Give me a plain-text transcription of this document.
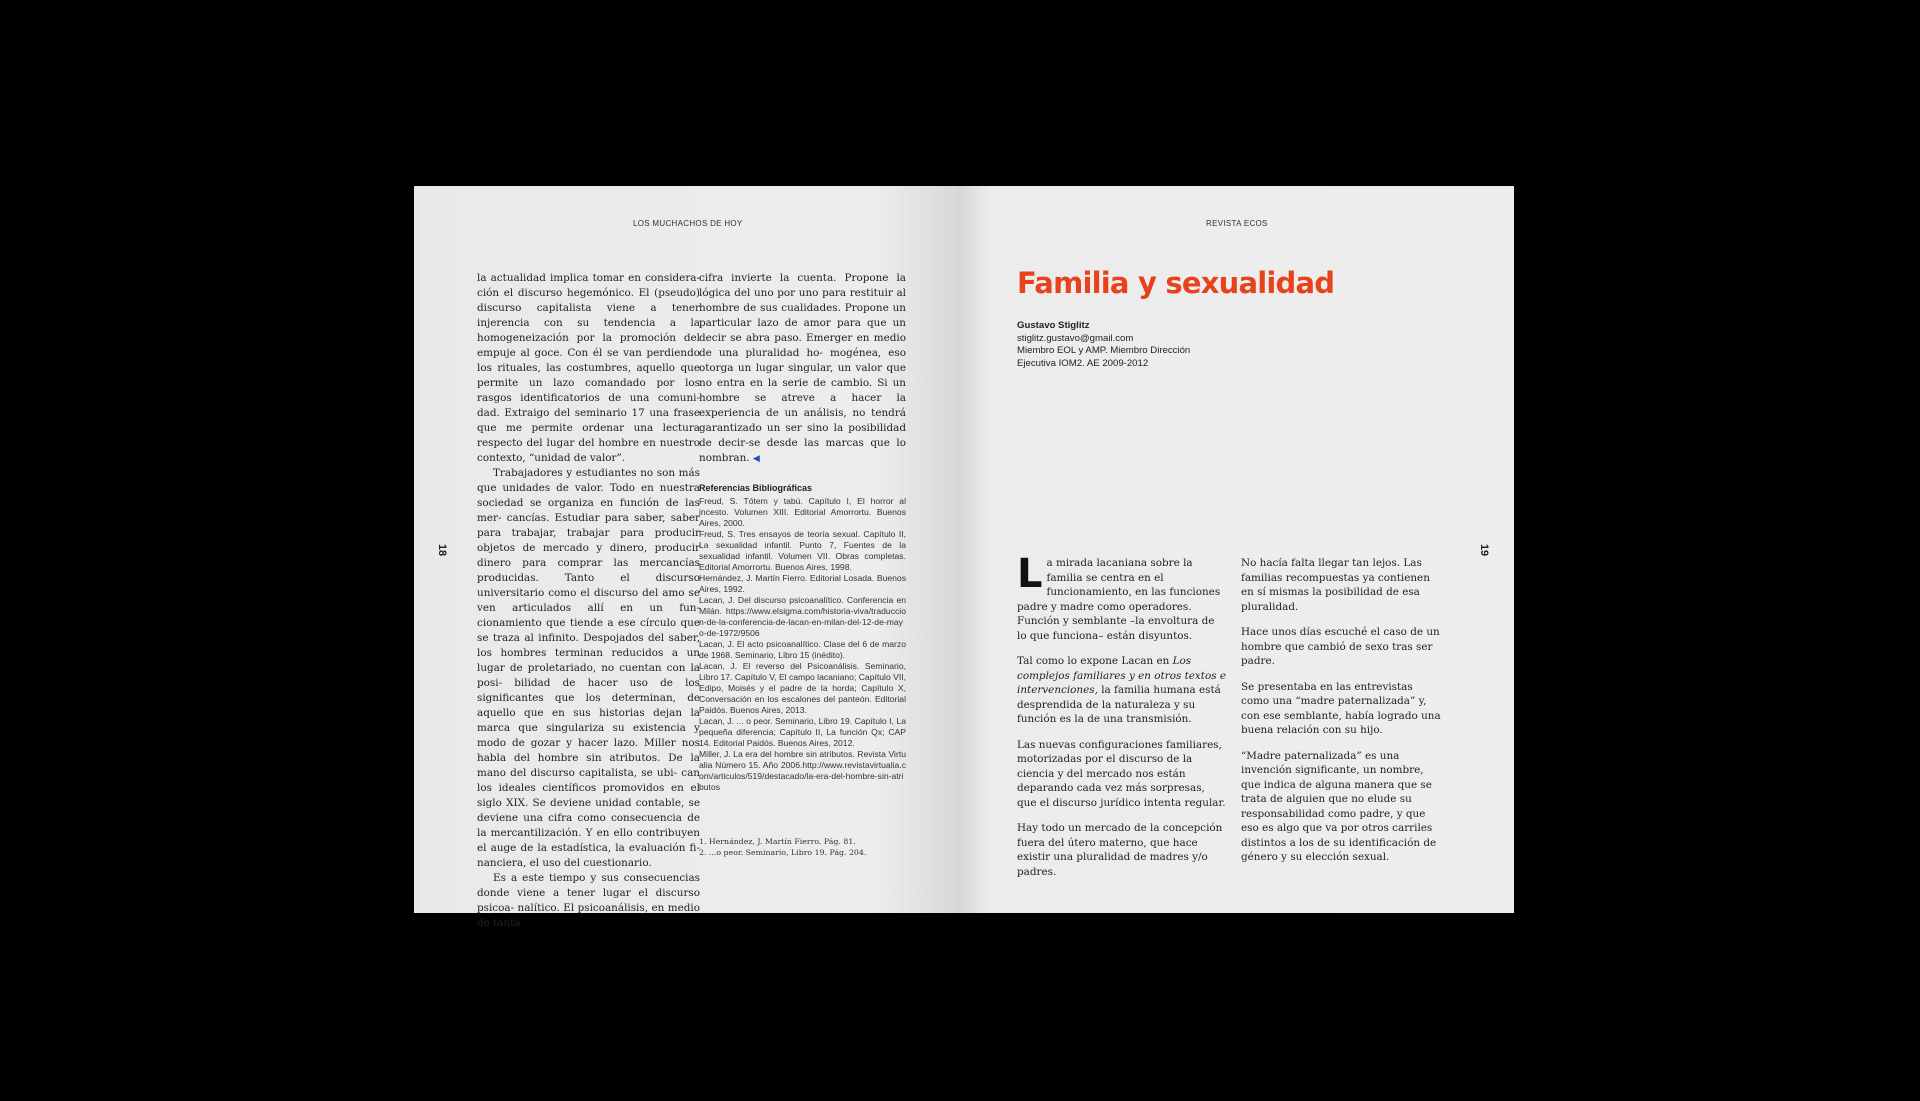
LOS MUCHACHOS DE HOY
18

la actualidad implica tomar en considera- ción el discurso hegemónico. El (pseudo) discurso capitalista viene a tener injerencia con su tendencia a la homogeneización por la promoción del empuje al goce. Con él se van perdiendo los rituales, las costumbres, aquello que permite un lazo comandado por los rasgos identificatorios de una comuni- dad. Extraigo del seminario 17 una frase que me permite ordenar una lectura respecto del lugar del hombre en nuestro contexto, “unidad de valor”.

Trabajadores y estudiantes no son más que unidades de valor. Todo en nuestra sociedad se organiza en función de las mer- cancías. Estudiar para saber, saber para trabajar, trabajar para producir objetos de mercado y dinero, producir dinero para comprar las mercancías producidas. Tanto el discurso universitario como el discurso del amo se ven articulados allí en un fun- cionamiento que tiende a ese círculo que se traza al infinito. Despojados del saber, los hombres terminan reducidos a un lugar de proletariado, no cuentan con la posi- bilidad de hacer uso de los significantes que los determinan, de aquello que en sus historias dejan la marca que singulariza su existencia y modo de gozar y hacer lazo. Miller nos habla del hombre sin atributos. De la mano del discurso capitalista, se ubi- can los ideales científicos promovidos en el siglo XIX. Se deviene unidad contable, se deviene una cifra como consecuencia de la mercantilización. Y en ello contribuyen el auge de la estadística, la evaluación fi- nanciera, el uso del cuestionario.

Es a este tiempo y sus consecuencias donde viene a tener lugar el discurso psicoa- nalítico. El psicoanálisis, en medio de tanta

cifra invierte la cuenta. Propone la lógica del uno por uno para restituir al hombre de sus cualidades. Propone un particular lazo de amor para que un decir se abra paso. Emerger en medio de una pluralidad ho- mogénea, eso otorga un lugar singular, un valor que no entra en la serie de cambio. Si un hombre se atreve a hacer la experiencia de un análisis, no tendrá garantizado un ser sino la posibilidad de decir-se desde las marcas que lo nombran. ◀

Referencias Bibliográficas

Freud, S. Tótem y tabú. Capítulo I, El horror al incesto. Volumen XIII. Editorial Amorrortu. Buenos Aires, 2000.

Freud, S. Tres ensayos de teoría sexual. Capítulo II, La sexualidad infantil. Punto 7, Fuentes de la sexualidad infantil. Volumen VII. Obras completas. Editorial Amorrortu. Buenos Aires, 1998.

Hernández, J. Martín Fierro. Editorial Losada. Buenos Aires, 1992.

Lacan, J. Del discurso psicoanalítico. Conferencia en Milán. https://www.elsigma.com/historia-viva/traduccion-de-la-conferencia-de-lacan-en-milan-del-12-de-mayo-de-1972/9506

Lacan, J. El acto psicoanalítico. Clase del 6 de marzo de 1968. Seminario, Libro 15 (inédito).

Lacan, J. El reverso del Psicoanálisis. Seminario, Libro 17. Capítulo V, El campo lacaniano; Capítulo VII, Edipo, Moisés y el padre de la horda; Capítulo X, Conversación en los escalones del panteón. Editorial Paidós. Buenos Aires, 2013.

Lacan, J. ... o peor. Seminario, Libro 19. Capítulo I, La pequeña diferencia; Capítulo II, La función Qx; CAP 14. Editorial Paidós. Buenos Aires, 2012.

Miller, J. La era del hombre sin atributos. Revista Virtualia Número 15. Año 2006.http://www.revistavirtualia.com/articulos/519/destacado/la-era-del-hombre-sin-atributos

1. Hernández, J. Martín Fierro. Pág. 81.

2. ...o peor. Seminario, Libro 19. Pág. 204.

REVISTA ECOS
19
Familia y sexualidad
Gustavo Stiglitz
stiglitz.gustavo@gmail.com
Miembro EOL y AMP. Miembro Dirección
Ejecutiva IOM2. AE 2009-2012

La mirada lacaniana sobre la familia se centra en el funcionamiento, en las funciones padre y madre como operadores. Función y semblante –la envoltura de lo que funciona– están disyuntos.

Tal como lo expone Lacan en Los complejos familiares y en otros textos e intervenciones, la familia humana está desprendida de la naturaleza y su función es la de una transmisión.

Las nuevas configuraciones familiares, motorizadas por el discurso de la ciencia y del mercado nos están deparando cada vez más sorpresas, que el discurso jurídico intenta regular.

Hay todo un mercado de la concepción fuera del útero materno, que hace existir una pluralidad de madres y/o padres.

No hacía falta llegar tan lejos. Las familias recompuestas ya contienen en sí mismas la posibilidad de esa pluralidad.

Hace unos días escuché el caso de un hombre que cambió de sexo tras ser padre.

Se presentaba en las entrevistas como una “madre paternalizada” y, con ese semblante, había logrado una buena relación con su hijo.

“Madre paternalizada” es una invención significante, un nombre, que indica de alguna manera que se trata de alguien que no elude su responsabilidad como padre, y que eso es algo que va por otros carriles distintos a los de su identificación de género y su elección sexual.
